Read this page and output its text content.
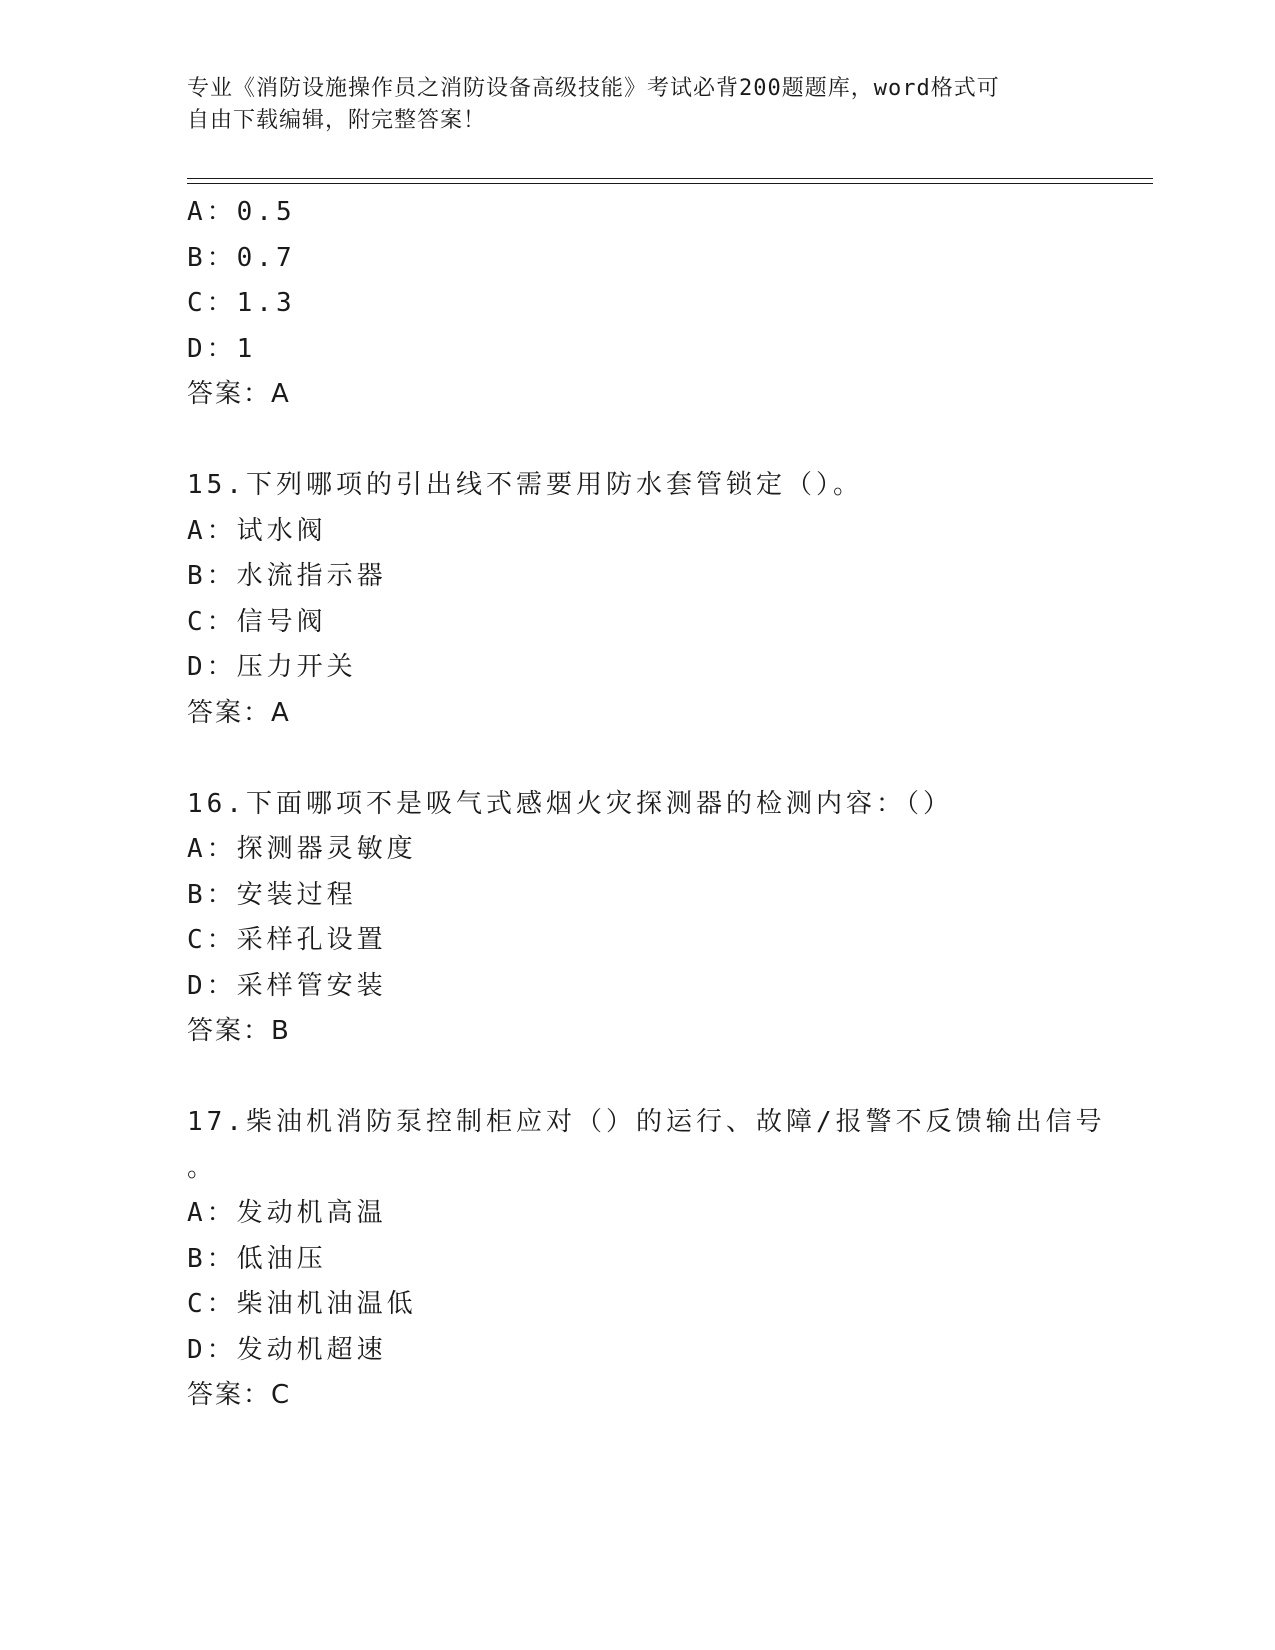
专业《消防设施操作员之消防设备高级技能》考试必背200题题库，word格式可
自由下载编辑，附完整答案！
A：0.5
B：0.7
C：1.3
D：1
答案：A
15.下列哪项的引出线不需要用防水套管锁定（）。
A：试水阀
B：水流指示器
C：信号阀
D：压力开关
答案：A
16.下面哪项不是吸气式感烟火灾探测器的检测内容：（）
A：探测器灵敏度
B：安装过程
C：采样孔设置
D：采样管安装
答案：B
17.柴油机消防泵控制柜应对（）的运行、故障/报警不反馈输出信号
。
A：发动机高温
B：低油压
C：柴油机油温低
D：发动机超速
答案：C
